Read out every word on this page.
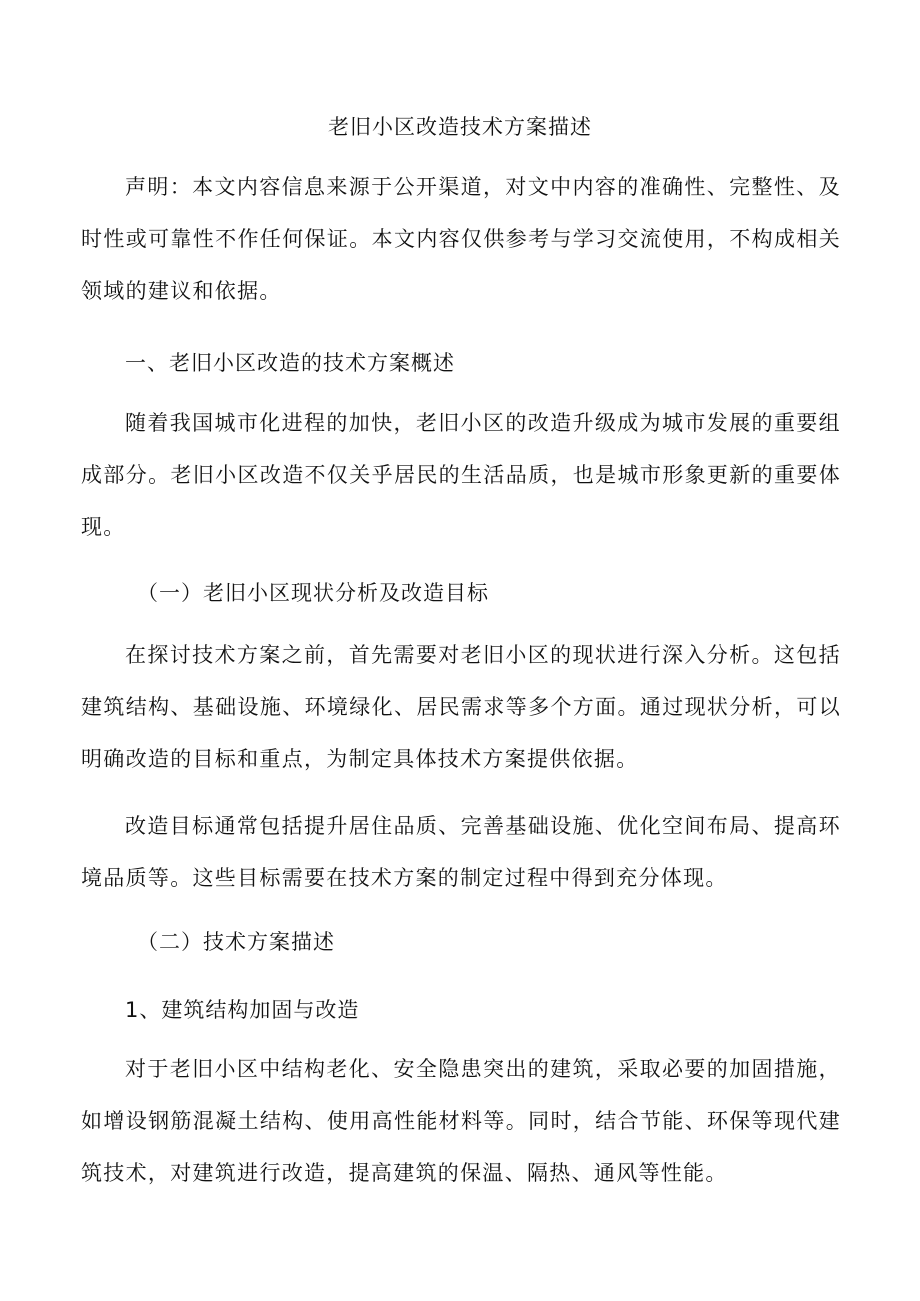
老旧小区改造技术方案描述

声明：本文内容信息来源于公开渠道，对文中内容的准确性、完整性、及时性或可靠性不作任何保证。本文内容仅供参考与学习交流使用，不构成相关领域的建议和依据。

一、老旧小区改造的技术方案概述

随着我国城市化进程的加快，老旧小区的改造升级成为城市发展的重要组成部分。老旧小区改造不仅关乎居民的生活品质，也是城市形象更新的重要体现。

（一）老旧小区现状分析及改造目标

在探讨技术方案之前，首先需要对老旧小区的现状进行深入分析。这包括建筑结构、基础设施、环境绿化、居民需求等多个方面。通过现状分析，可以明确改造的目标和重点，为制定具体技术方案提供依据。

改造目标通常包括提升居住品质、完善基础设施、优化空间布局、提高环境品质等。这些目标需要在技术方案的制定过程中得到充分体现。

（二）技术方案描述

1、建筑结构加固与改造

对于老旧小区中结构老化、安全隐患突出的建筑，采取必要的加固措施，如增设钢筋混凝土结构、使用高性能材料等。同时，结合节能、环保等现代建筑技术，对建筑进行改造，提高建筑的保温、隔热、通风等性能。
